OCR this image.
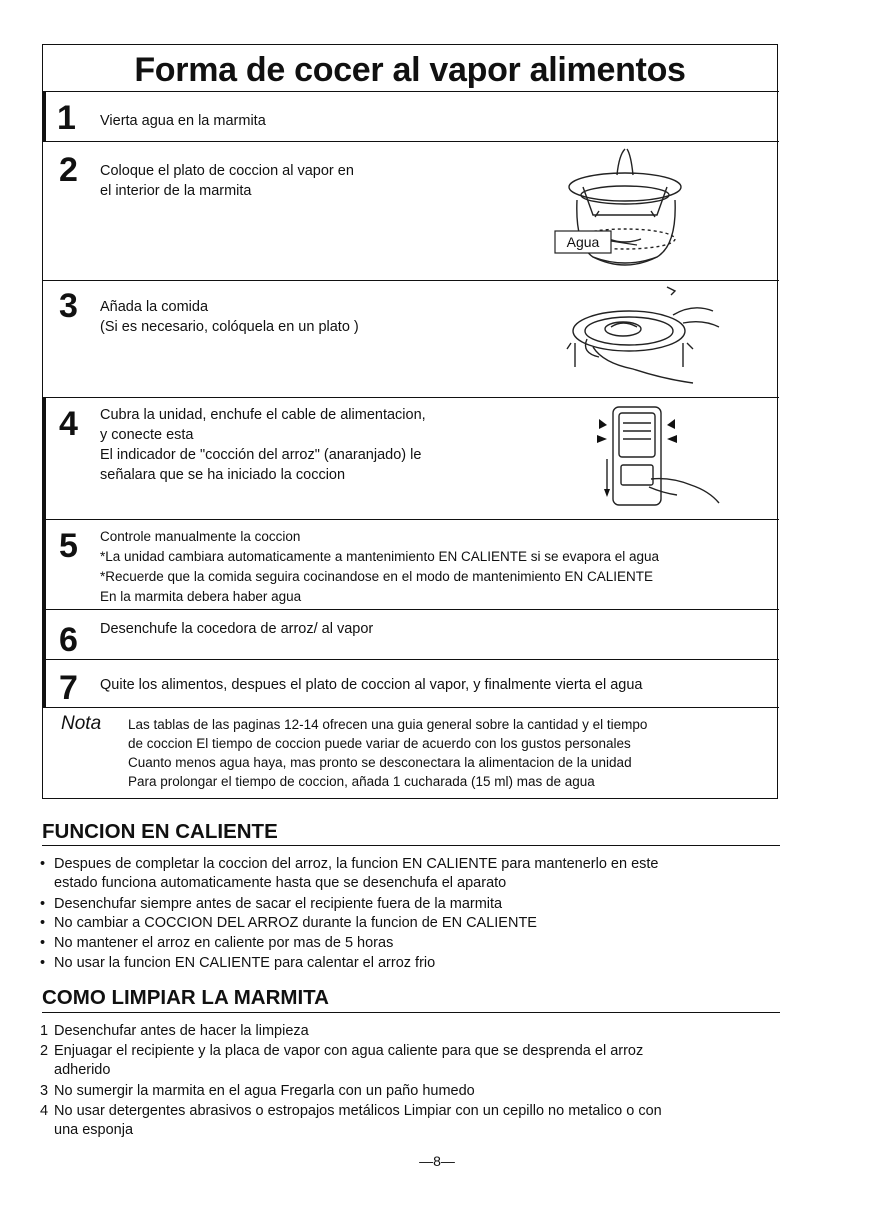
Forma de cocer al vapor alimentos
1 Vierta agua en la marmita
2 Coloque el plato de coccion al vapor en
el interior de la marmita
Agua
3 Añada la comida
(Si es necesario, colóquela en un plato )
4 Cubra la unidad, enchufe el cable de alimentacion,
y conecte esta
El indicador de "cocción del arroz" (anaranjado) le
señalara que se ha iniciado la coccion
5 Controle manualmente la coccion
*La unidad cambiara automaticamente a mantenimiento EN CALIENTE si se evapora el agua
*Recuerde que la comida seguira cocinandose en el modo de mantenimiento EN CALIENTE
En la marmita debera haber agua
6 Desenchufe la cocedora de arroz/ al vapor
7 Quite los alimentos, despues el plato de coccion al vapor, y finalmente vierta el agua
Nota Las tablas de las paginas 12-14 ofrecen una guia general sobre la cantidad y el tiempo
de coccion El tiempo de coccion puede variar de acuerdo con los gustos personales
Cuanto menos agua haya, mas pronto se desconectara la alimentacion de la unidad
Para prolongar el tiempo de coccion, añada 1 cucharada (15 ml) mas de agua
FUNCION EN CALIENTE
• Despues de completar la coccion del arroz, la funcion EN CALIENTE para mantenerlo en este
estado funciona automaticamente hasta que se desenchufa el aparato
• Desenchufar siempre antes de sacar el recipiente fuera de la marmita
• No cambiar a COCCION DEL ARROZ durante la funcion de EN CALIENTE
• No mantener el arroz en caliente por mas de 5 horas
• No usar la funcion EN CALIENTE para calentar el arroz frio
COMO LIMPIAR LA MARMITA
1 Desenchufar antes de hacer la limpieza
2 Enjuagar el recipiente y la placa de vapor con agua caliente para que se desprenda el arroz
adherido
3 No sumergir la marmita en el agua Fregarla con un paño humedo
4 No usar detergentes abrasivos o estropajos metálicos Limpiar con un cepillo no metalico o con
una esponja
—8—
